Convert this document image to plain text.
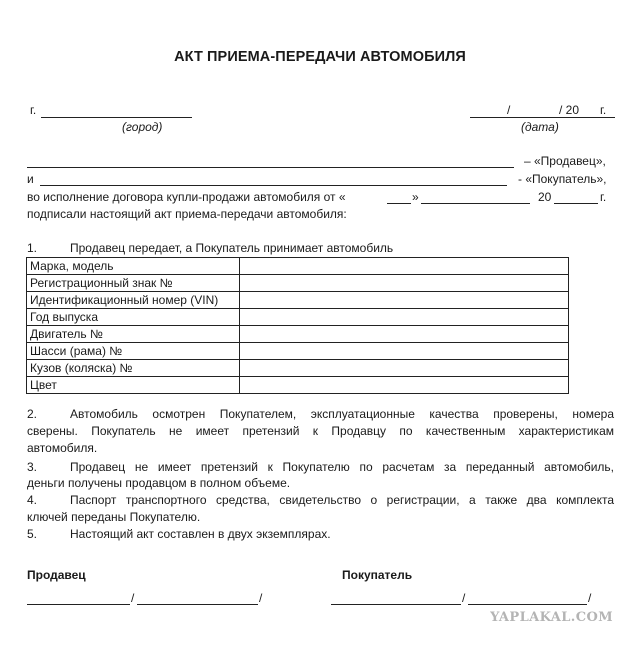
АКТ ПРИЕМА-ПЕРЕДАЧИ АВТОМОБИЛЯ
г.
(город)
/	/ 20 г.
(дата)
– «Продавец»,
и	- «Покупатель»,
во исполнение договора купли-продажи автомобиля от «	»	20	г.
подписали настоящий акт приема-передачи автомобиля:
1.	Продавец передает, а Покупатель принимает автомобиль
Марка, модель	
Регистрационный знак №	
Идентификационный номер (VIN)	
Год выпуска	
Двигатель №	
Шасси (рама) №	
Кузов (коляска) №	
Цвет	
2.	Автомобиль осмотрен Покупателем, эксплуатационные качества проверены, номера
сверены. Покупатель не имеет претензий к Продавцу по качественным характеристикам
автомобиля.
3.	Продавец не имеет претензий к Покупателю по расчетам за переданный автомобиль,
деньги получены продавцом в полном объеме.
4.	Паспорт транспортного средства, свидетельство о регистрации, а также два комплекта
ключей переданы Покупателю.
5.	Настоящий акт составлен в двух экземплярах.
Продавец	Покупатель
/	/	/	/
YAPLAKAL.COM
